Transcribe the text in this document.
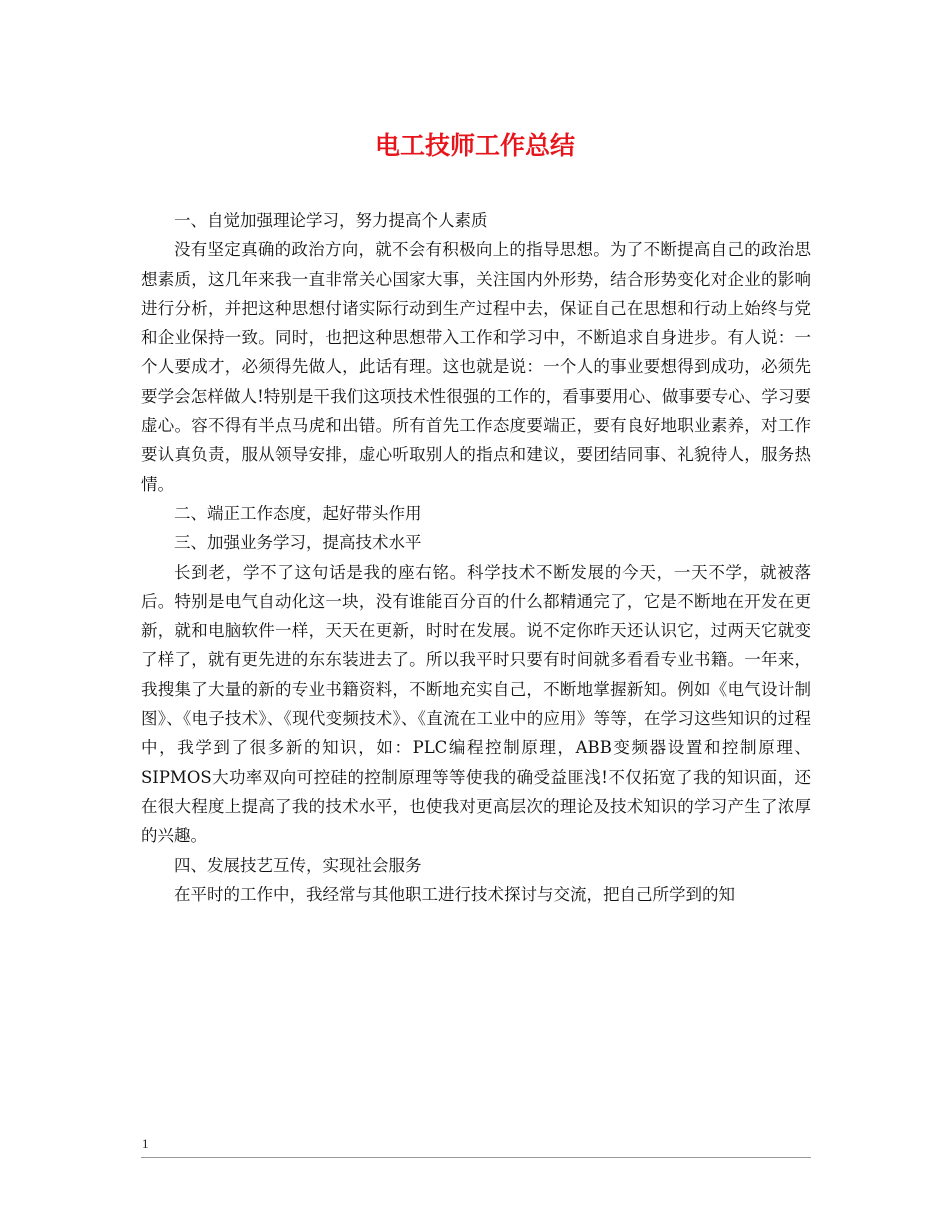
电工技师工作总结

一、自觉加强理论学习，努力提高个人素质

没有坚定真确的政治方向，就不会有积极向上的指导思想。为了不断提高自己的政治思想素质，这几年来我一直非常关心国家大事，关注国内外形势，结合形势变化对企业的影响进行分析，并把这种思想付诸实际行动到生产过程中去，保证自己在思想和行动上始终与党和企业保持一致。同时，也把这种思想带入工作和学习中，不断追求自身进步。有人说：一个人要成才，必须得先做人，此话有理。这也就是说：一个人的事业要想得到成功，必须先要学会怎样做人!特别是干我们这项技术性很强的工作的，看事要用心、做事要专心、学习要虚心。容不得有半点马虎和出错。所有首先工作态度要端正，要有良好地职业素养，对工作要认真负责，服从领导安排，虚心听取别人的指点和建议，要团结同事、礼貌待人，服务热情。

二、端正工作态度，起好带头作用

三、加强业务学习，提高技术水平

长到老，学不了这句话是我的座右铭。科学技术不断发展的今天，一天不学，就被落后。特别是电气自动化这一块，没有谁能百分百的什么都精通完了，它是不断地在开发在更新，就和电脑软件一样，天天在更新，时时在发展。说不定你昨天还认识它，过两天它就变了样了，就有更先进的东东装进去了。所以我平时只要有时间就多看看专业书籍。一年来，我搜集了大量的新的专业书籍资料，不断地充实自己，不断地掌握新知。例如《电气设计制图》、《电子技术》、《现代变频技术》、《直流在工业中的应用》等等，在学习这些知识的过程中，我学到了很多新的知识，如：PLC编程控制原理，ABB变频器设置和控制原理、SIPMOS大功率双向可控硅的控制原理等等使我的确受益匪浅!不仅拓宽了我的知识面，还在很大程度上提高了我的技术水平，也使我对更高层次的理论及技术知识的学习产生了浓厚的兴趣。

四、发展技艺互传，实现社会服务

在平时的工作中，我经常与其他职工进行技术探讨与交流，把自己所学到的知

1
